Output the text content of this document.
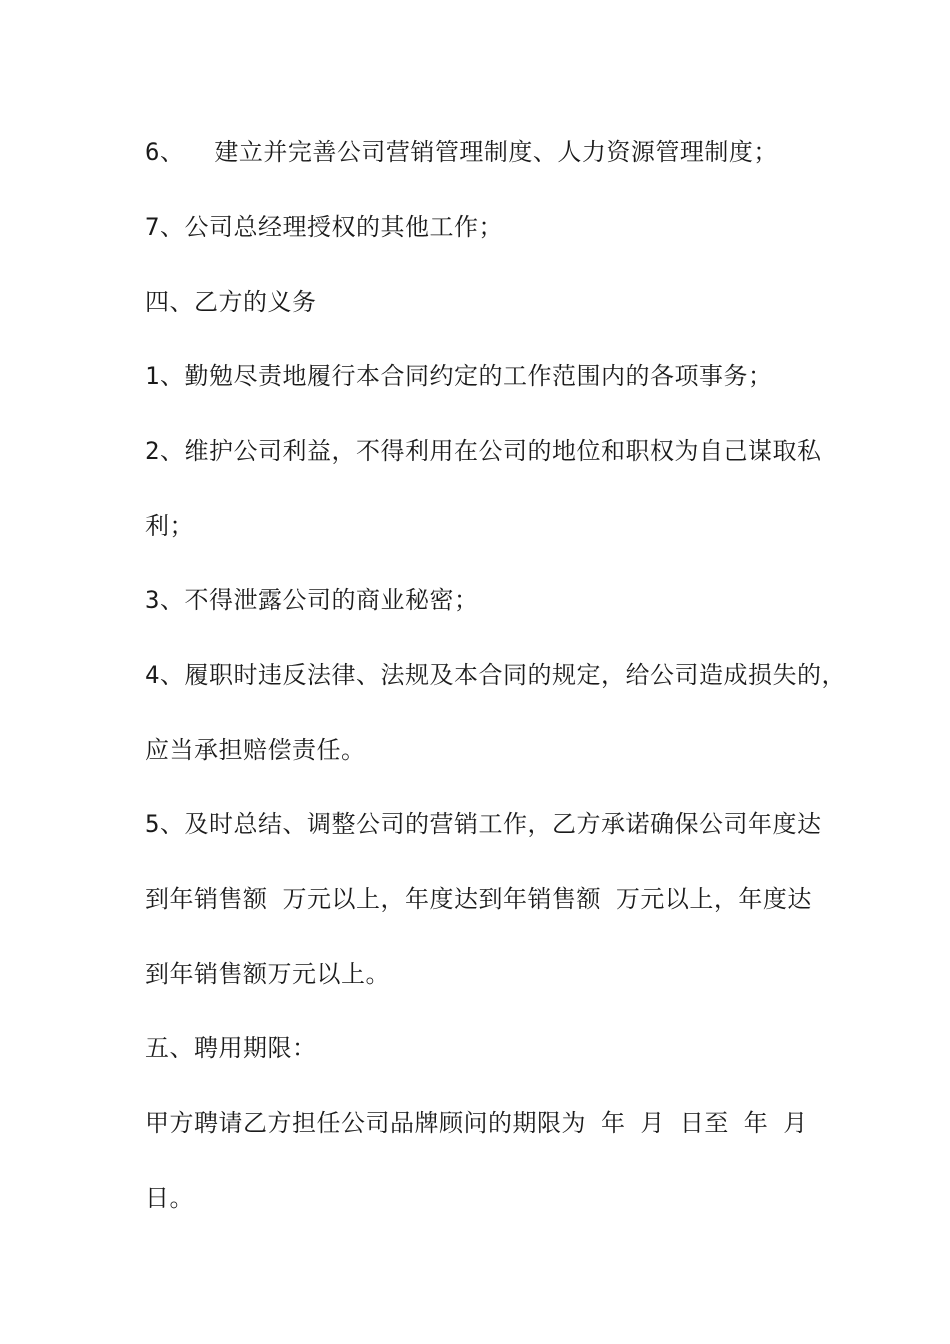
6、  建立并完善公司营销管理制度、人力资源管理制度；
7、公司总经理授权的其他工作；
四、乙方的义务
1、勤勉尽责地履行本合同约定的工作范围内的各项事务；
2、维护公司利益，不得利用在公司的地位和职权为自己谋取私
利；
3、不得泄露公司的商业秘密；
4、履职时违反法律、法规及本合同的规定，给公司造成损失的，
应当承担赔偿责任。
5、及时总结、调整公司的营销工作，乙方承诺确保公司年度达
到年销售额 万元以上，年度达到年销售额 万元以上，年度达
到年销售额万元以上。
五、聘用期限：
甲方聘请乙方担任公司品牌顾问的期限为 年 月 日至 年 月
日。
